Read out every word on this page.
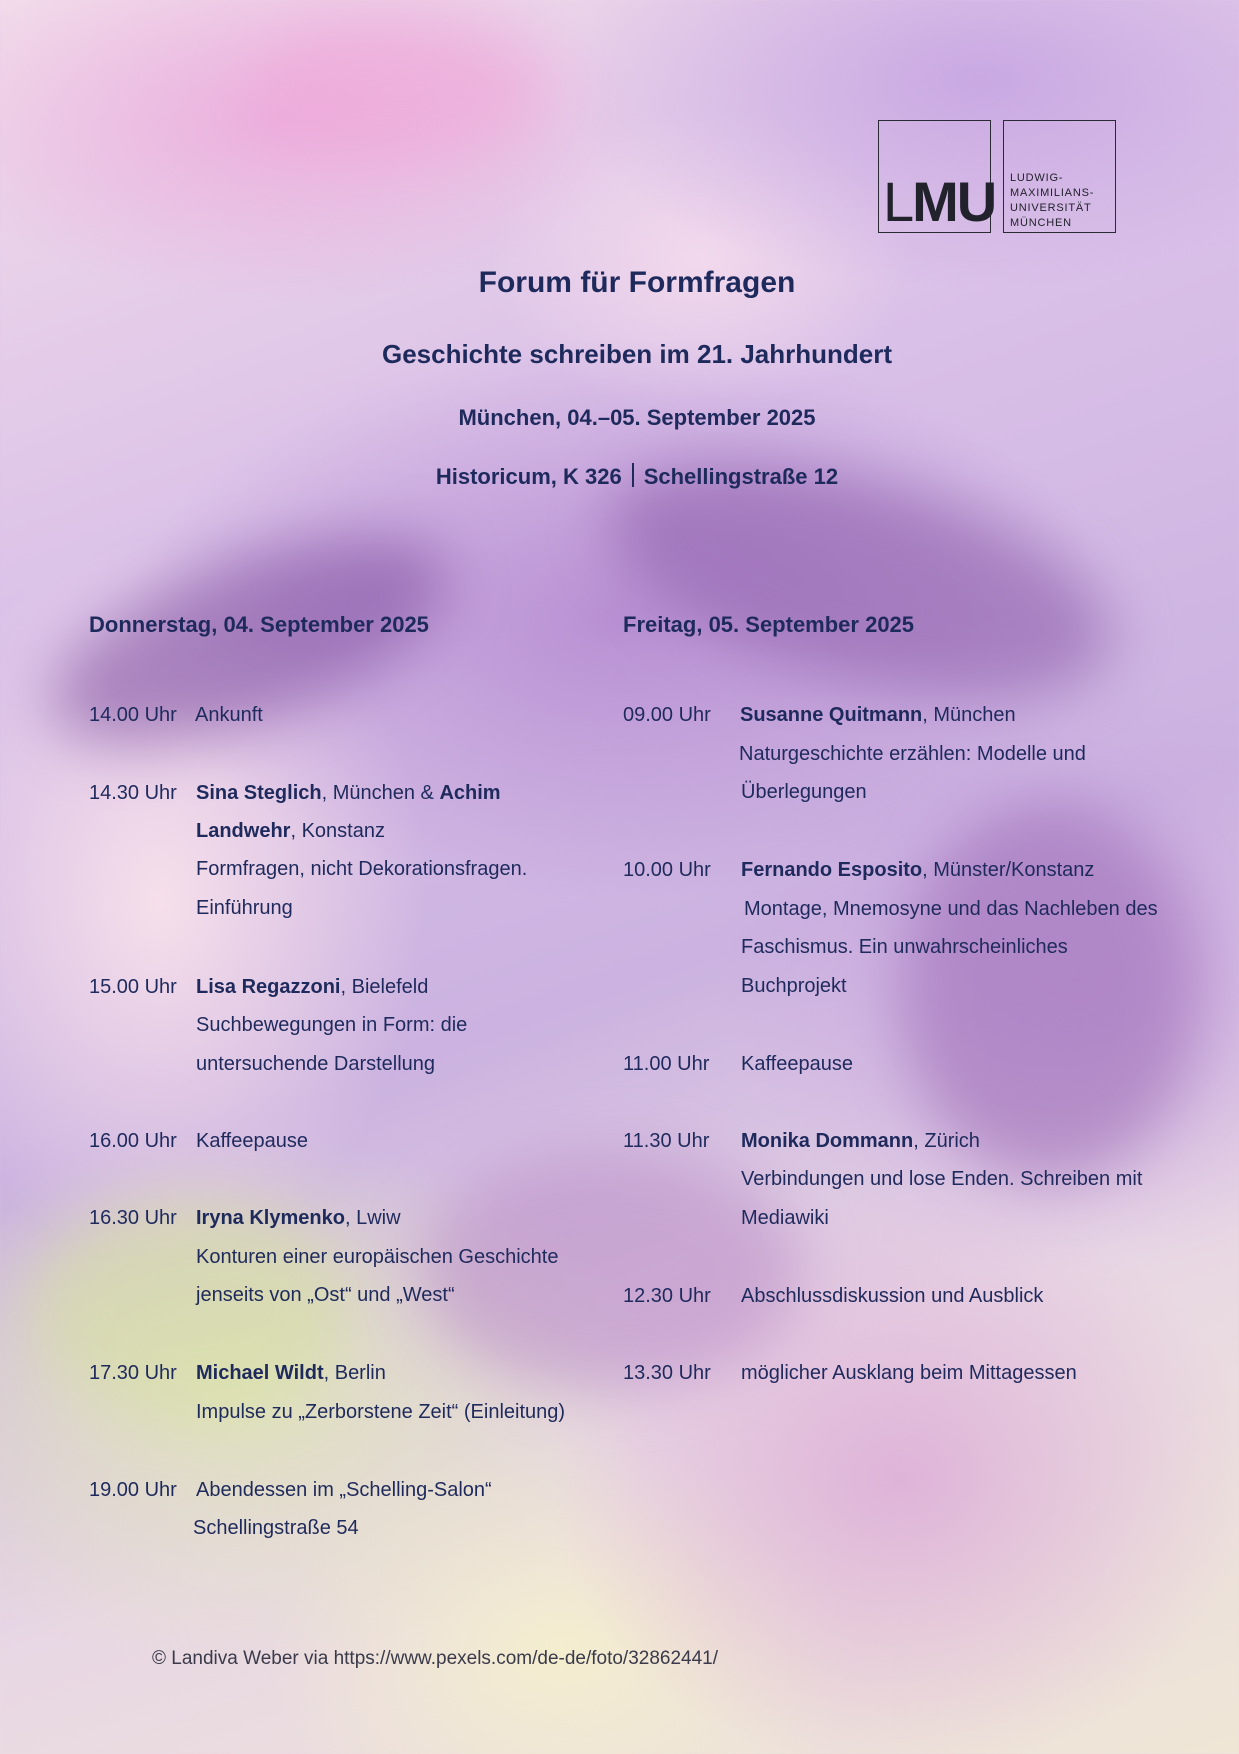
LMU LUDWIG-
MAXIMILIANS-
UNIVERSITÄT
MÜNCHEN
Forum für Formfragen
Geschichte schreiben im 21. Jahrhundert
München, 04.–05. September 2025
Historicum, K 326 Schellingstraße 12
Donnerstag, 04. September 2025	Freitag, 05. September 2025
14.00 Uhr Ankunft
14.30 Uhr Sina Steglich, München & Achim
Landwehr, Konstanz
Formfragen, nicht Dekorationsfragen.
Einführung
15.00 Uhr Lisa Regazzoni, Bielefeld
Suchbewegungen in Form: die
untersuchende Darstellung
16.00 Uhr Kaffeepause
16.30 Uhr Iryna Klymenko, Lwiw
Konturen einer europäischen Geschichte
jenseits von „Ost“ und „West“
17.30 Uhr Michael Wildt, Berlin
Impulse zu „Zerborstene Zeit“ (Einleitung)
19.00 Uhr Abendessen im „Schelling-Salon“
Schellingstraße 54
09.00 Uhr Susanne Quitmann, München
Naturgeschichte erzählen: Modelle und
Überlegungen
10.00 Uhr Fernando Esposito, Münster/Konstanz
Montage, Mnemosyne und das Nachleben des
Faschismus. Ein unwahrscheinliches
Buchprojekt
11.00 Uhr Kaffeepause
11.30 Uhr Monika Dommann, Zürich
Verbindungen und lose Enden. Schreiben mit
Mediawiki
12.30 Uhr Abschlussdiskussion und Ausblick
13.30 Uhr möglicher Ausklang beim Mittagessen
© Landiva Weber via https://www.pexels.com/de-de/foto/32862441/
